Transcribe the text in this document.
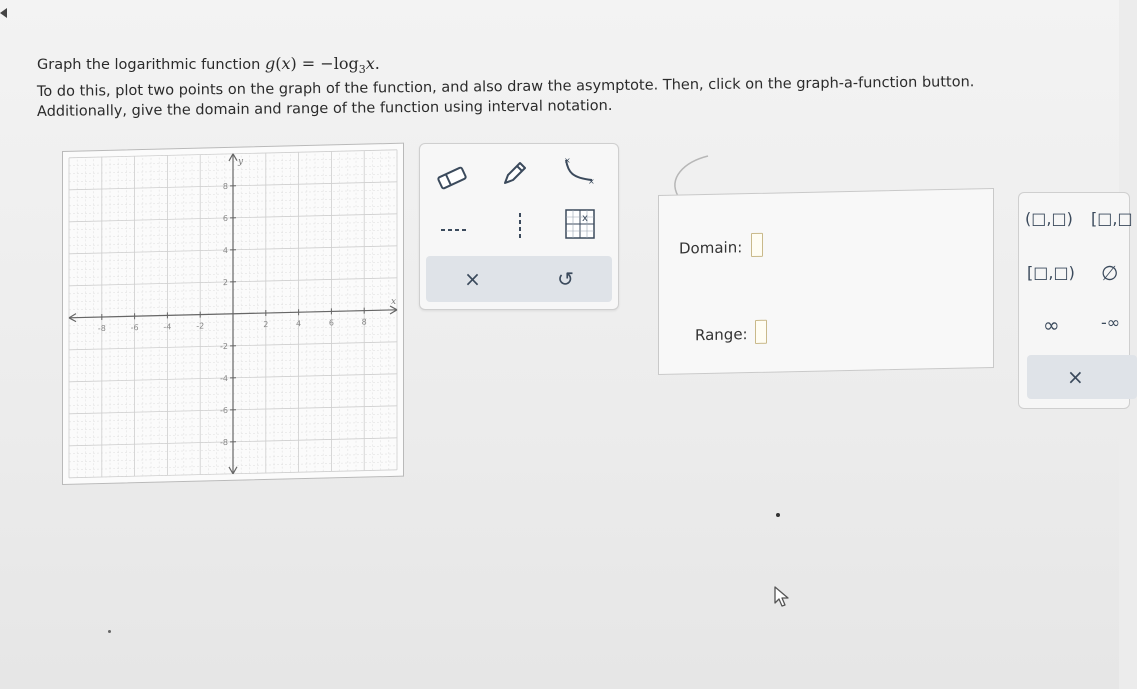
Graph the logarithmic function $g(x) = -\log_3x$.
To do this, plot two points on the graph of the function, and also draw the asymptote. Then, click on the graph-a-function button.
Additionally, give the domain and range of the function using interval notation.
-8	-6	-4	-2	2	4	6	8
8
6
4
2
-2
-4
-6
-8
x
y	×
×
x
×	↺
Domain:
Range:
(□,□) [□,□
[□,□) ∅
∞	-∞
×
